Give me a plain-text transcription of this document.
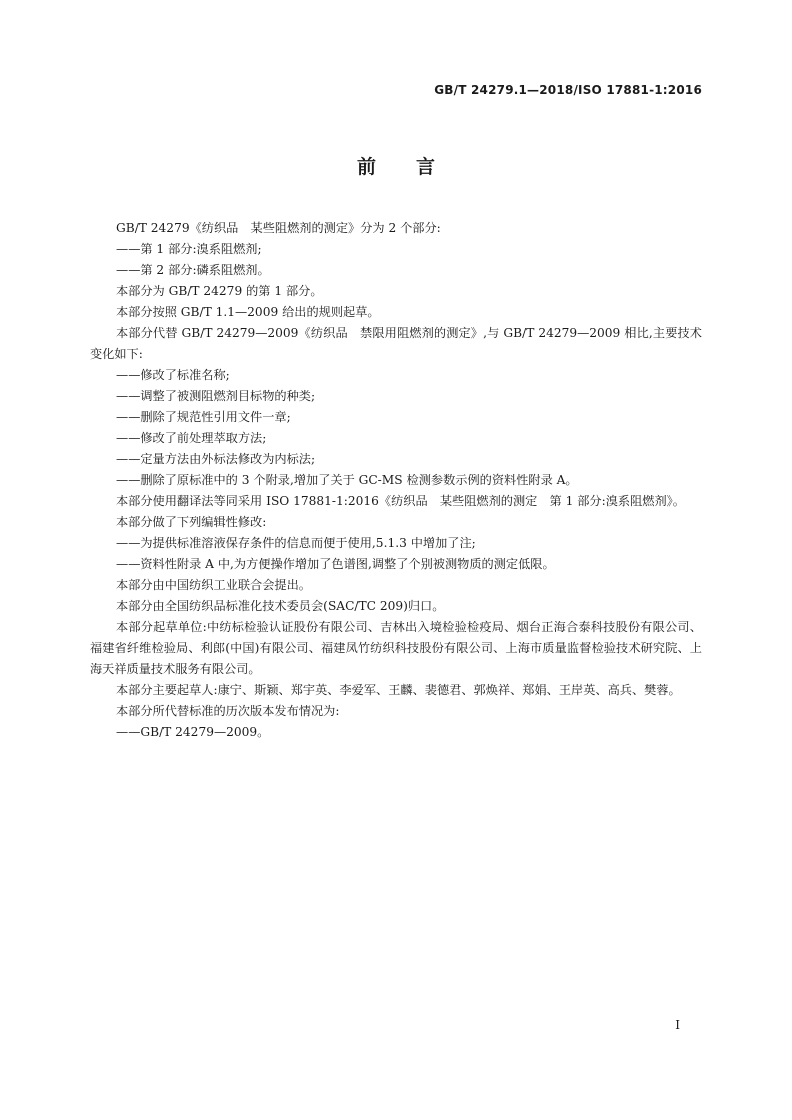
GB/T 24279.1—2018/ISO 17881-1:2016
前言

GB/T 24279《纺织品　某些阻燃剂的测定》分为 2 个部分:

——第 1 部分:溴系阻燃剂;

——第 2 部分:磷系阻燃剂。

本部分为 GB/T 24279 的第 1 部分。

本部分按照 GB/T 1.1—2009 给出的规则起草。

本部分代替 GB/T 24279—2009《纺织品　禁限用阻燃剂的测定》,与 GB/T 24279—2009 相比,主要技术变化如下:

——修改了标准名称;

——调整了被测阻燃剂目标物的种类;

——删除了规范性引用文件一章;

——修改了前处理萃取方法;

——定量方法由外标法修改为内标法;

——删除了原标准中的 3 个附录,增加了关于 GC-MS 检测参数示例的资料性附录 A。

本部分使用翻译法等同采用 ISO 17881-1:2016《纺织品　某些阻燃剂的测定　第 1 部分:溴系阻燃剂》。

本部分做了下列编辑性修改:

——为提供标准溶液保存条件的信息而便于使用,5.1.3 中增加了注;

——资料性附录 A 中,为方便操作增加了色谱图,调整了个别被测物质的测定低限。

本部分由中国纺织工业联合会提出。

本部分由全国纺织品标准化技术委员会(SAC/TC 209)归口。

本部分起草单位:中纺标检验认证股份有限公司、吉林出入境检验检疫局、烟台正海合泰科技股份有限公司、福建省纤维检验局、利郎(中国)有限公司、福建凤竹纺织科技股份有限公司、上海市质量监督检验技术研究院、上海天祥质量技术服务有限公司。

本部分主要起草人:康宁、斯颖、郑宇英、李爱军、王麟、裴德君、郭焕祥、郑娟、王岸英、高兵、樊蓉。

本部分所代替标准的历次版本发布情况为:

——GB/T 24279—2009。

I
